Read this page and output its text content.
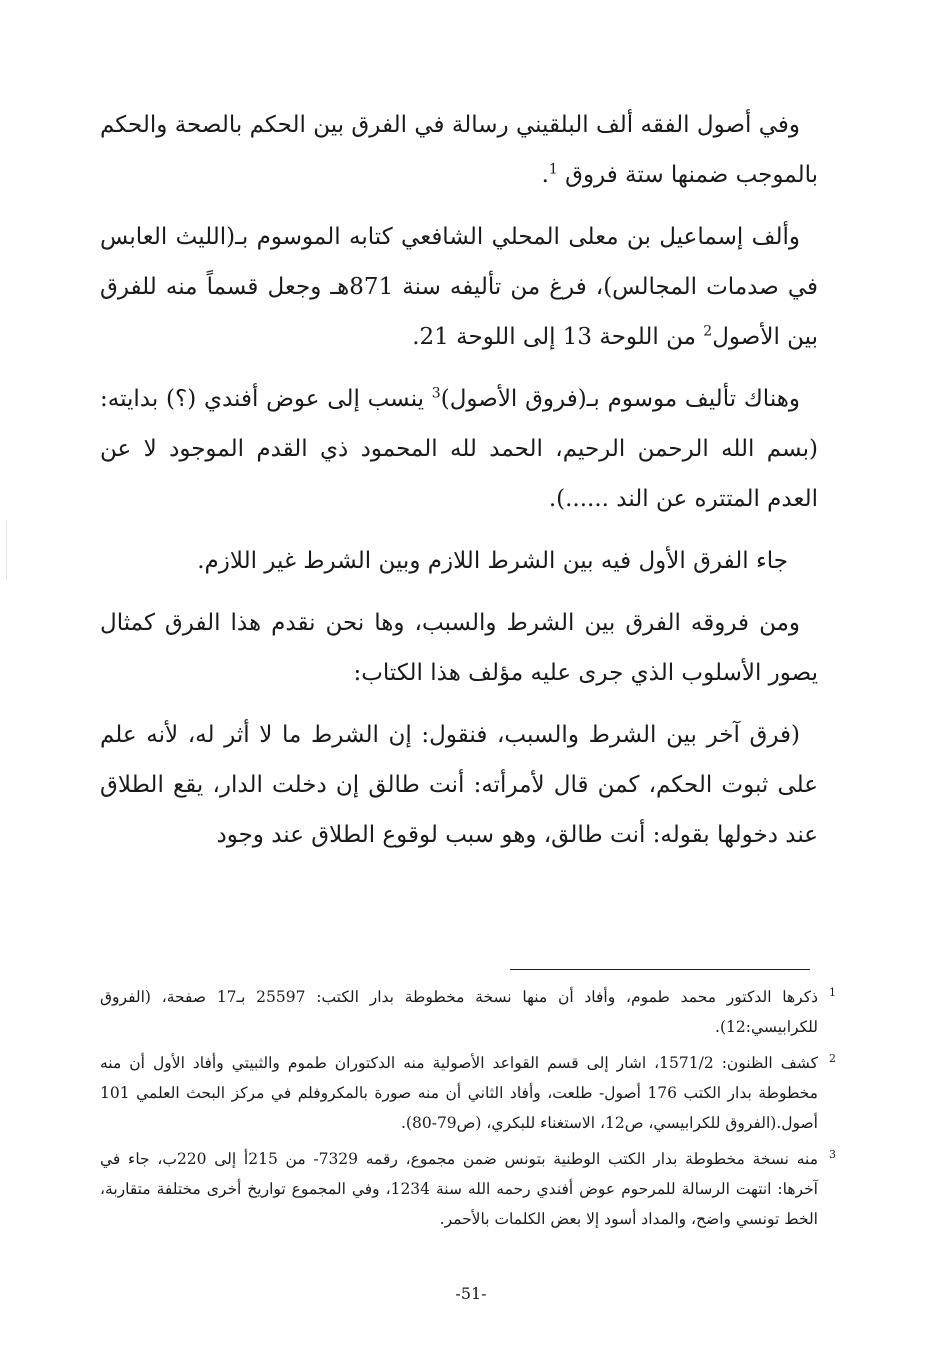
وفي أصول الفقه ألف البلقيني رسالة في الفرق بين الحكم بالصحة والحكم بالموجب ضمنها ستة فروق $^1$.

وألف إسماعيل بن معلى المحلي الشافعي كتابه الموسوم بـ(الليث العابس في صدمات المجالس)، فرغ من تأليفه سنة 871هـ وجعل قسماً منه للفرق بين الأصول$^2$ من اللوحة 13 إلى اللوحة 21.

وهناك تأليف موسوم بـ(فروق الأصول)$^3$ ينسب إلى عوض أفندي (؟) بدايته: (بسم الله الرحمن الرحيم، الحمد لله المحمود ذي القدم الموجود لا عن العدم المتتره عن الند ......).

جاء الفرق الأول فيه بين الشرط اللازم وبين الشرط غير اللازم.

ومن فروقه الفرق بين الشرط والسبب، وها نحن نقدم هذا الفرق كمثال يصور الأسلوب الذي جرى عليه مؤلف هذا الكتاب:

(فرق آخر بين الشرط والسبب، فنقول: إن الشرط ما لا أثر له، لأنه علم على ثبوت الحكم، كمن قال لأمرأته: أنت طالق إن دخلت الدار، يقع الطلاق عند دخولها بقوله: أنت طالق، وهو سبب لوقوع الطلاق عند وجود

1
ذكرها الدكتور محمد طموم، وأفاد أن منها نسخة مخطوطة بدار الكتب: 25597 بـ17 صفحة، (الفروق للكرابيسي:12).

2
كشف الظنون: 1571/2، اشار إلى قسم القواعد الأصولية منه الدكتوران طموم والثبيتي وأفاد الأول أن منه مخطوطة بدار الكتب 176 أصول- طلعت، وأفاد الثاني أن منه صورة بالمكروفلم في مركز البحث العلمي 101 أصول.(الفروق للكرابيسي، ص12، الاستغناء للبكري، (ص79-80).

3
منه نسخة مخطوطة بدار الكتب الوطنية بتونس ضمن مجموع، رقمه 7329- من 215أ إلى 220ب، جاء في آخرها: انتهت الرسالة للمرحوم عوض أفندي رحمه الله سنة 1234، وفي المجموع تواريخ أخرى مختلفة متقاربة، الخط تونسي واضح، والمداد أسود إلا بعض الكلمات بالأحمر.

-51-
